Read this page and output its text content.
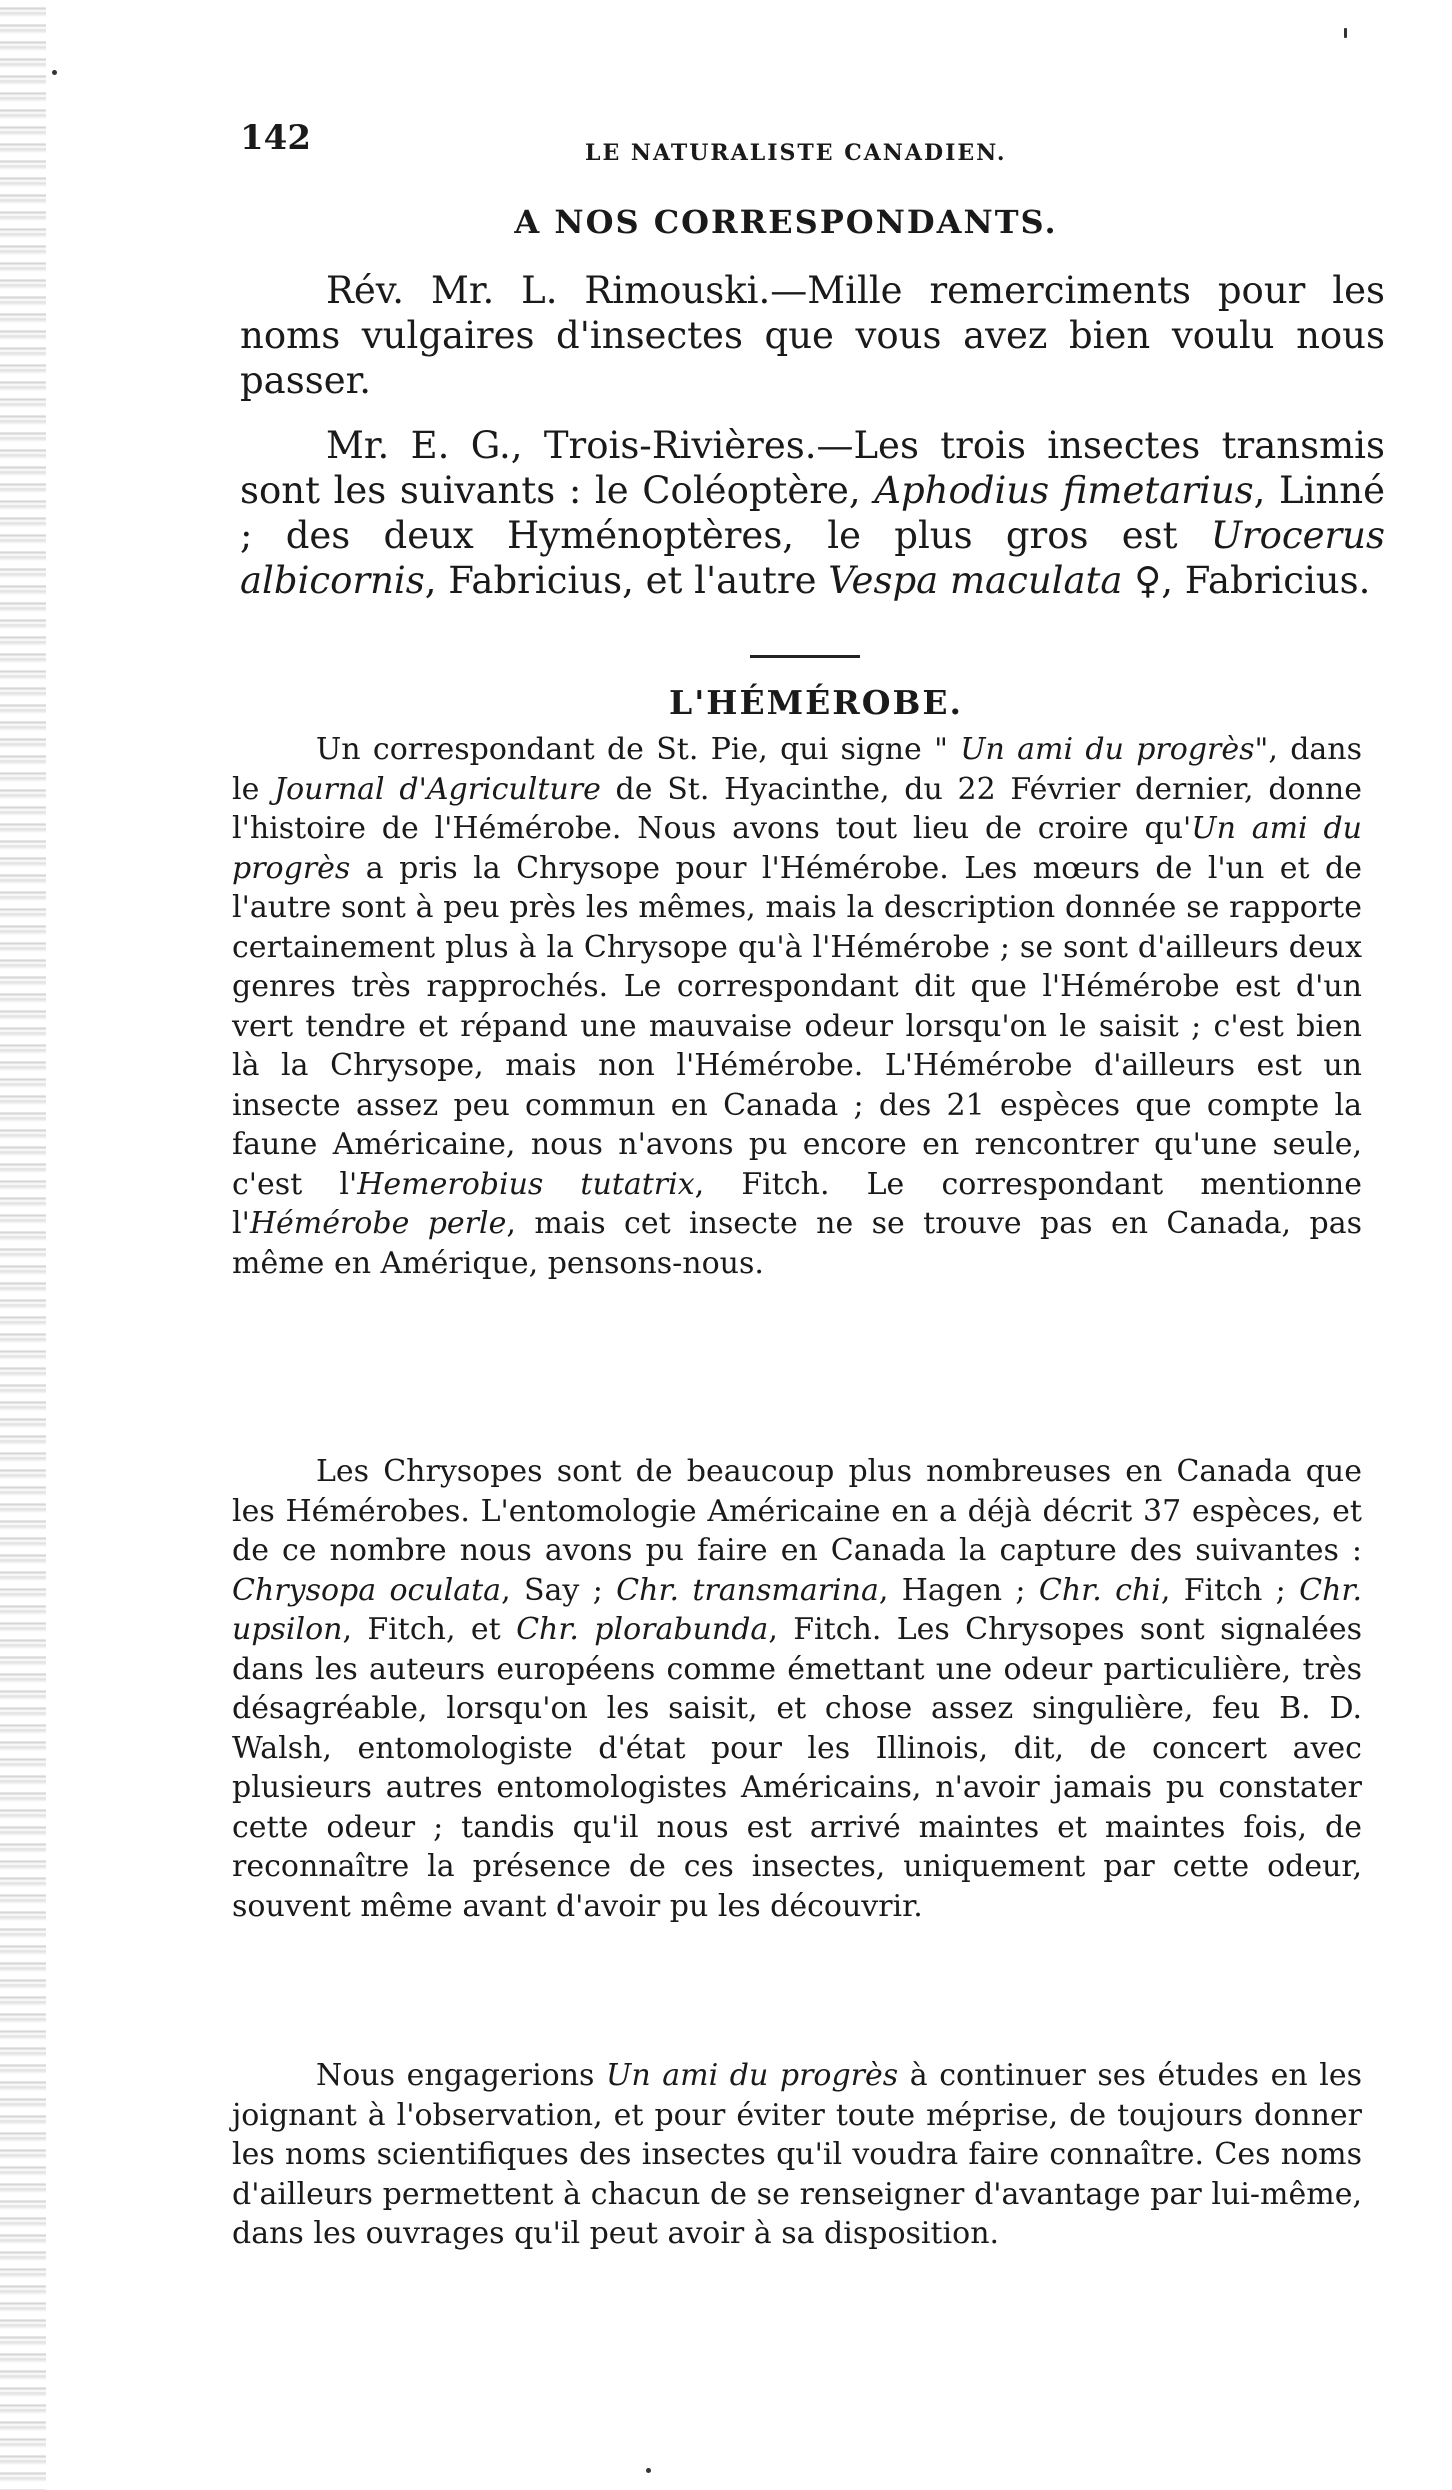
142	LE NATURALISTE CANADIEN.
A NOS CORRESPONDANTS.

Rév. Mr. L. Rimouski.—Mille remerciments pour les noms vulgaires d'insectes que vous avez bien voulu nous passer.

Mr. E. G., Trois-Rivières.—Les trois insectes transmis sont les suivants : le Coléoptère, Aphodius fimetarius, Linné ; des deux Hyménoptères, le plus gros est Urocerus albicornis, Fabricius, et l'autre Vespa maculata ♀, Fabricius.

L'HÉMÉROBE.

Un correspondant de St. Pie, qui signe " Un ami du progrès", dans le Journal d'Agriculture de St. Hyacinthe, du 22 Février dernier, donne l'histoire de l'Hémérobe. Nous avons tout lieu de croire qu'Un ami du progrès a pris la Chrysope pour l'Hémérobe. Les mœurs de l'un et de l'autre sont à peu près les mêmes, mais la description donnée se rapporte certainement plus à la Chrysope qu'à l'Hémérobe ; se sont d'ailleurs deux genres très rapprochés. Le correspondant dit que l'Hémérobe est d'un vert tendre et répand une mauvaise odeur lorsqu'on le saisit ; c'est bien là la Chrysope, mais non l'Hémérobe. L'Hémérobe d'ailleurs est un insecte assez peu commun en Canada ; des 21 espèces que compte la faune Américaine, nous n'avons pu encore en rencontrer qu'une seule, c'est l'Hemerobius tutatrix, Fitch. Le correspondant mentionne l'Hémérobe perle, mais cet insecte ne se trouve pas en Canada, pas même en Amérique, pensons-nous.

Les Chrysopes sont de beaucoup plus nombreuses en Canada que les Hémérobes. L'entomologie Américaine en a déjà décrit 37 espèces, et de ce nombre nous avons pu faire en Canada la capture des suivantes : Chrysopa oculata, Say ; Chr. transmarina, Hagen ; Chr. chi, Fitch ; Chr. upsilon, Fitch, et Chr. plorabunda, Fitch. Les Chrysopes sont signalées dans les auteurs européens comme émettant une odeur particulière, très désagréable, lorsqu'on les saisit, et chose assez singulière, feu B. D. Walsh, entomologiste d'état pour les Illinois, dit, de concert avec plusieurs autres entomologistes Américains, n'avoir jamais pu constater cette odeur ; tandis qu'il nous est arrivé maintes et maintes fois, de reconnaître la présence de ces insectes, uniquement par cette odeur, souvent même avant d'avoir pu les découvrir.

Nous engagerions Un ami du progrès à continuer ses études en les joignant à l'observation, et pour éviter toute méprise, de toujours donner les noms scientifiques des insectes qu'il voudra faire connaître. Ces noms d'ailleurs permettent à chacun de se renseigner d'avantage par lui-même, dans les ouvrages qu'il peut avoir à sa disposition.
